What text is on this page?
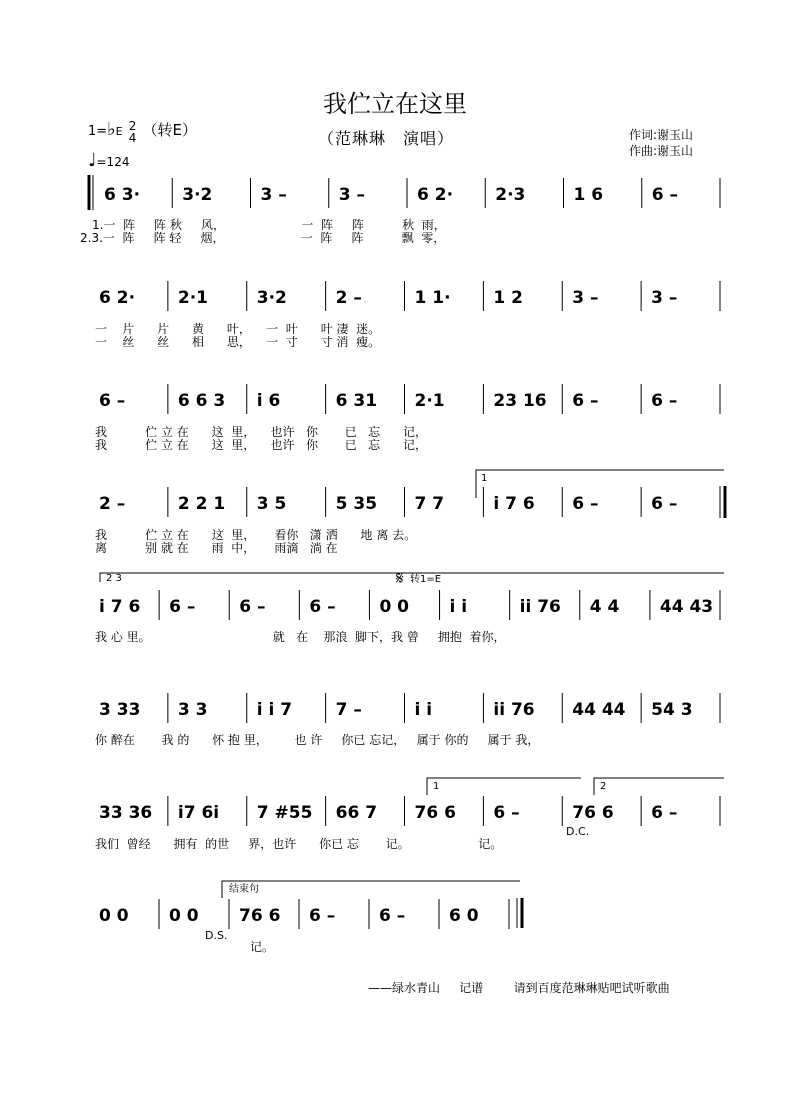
我伫立在这里
（范琳琳　演唱）	作词:谢玉山
作曲:谢玉山
1=♭E 2
4 （转E）
♩=124
6 3· 3·2	3 –	3 –	6 2· 2·3	1 6	6 –
6 2·	2·1	3·2	2 –	1 1·	1 2	3 –	3 –
6 –	6 6 3 i 6	6 31 2·1	23 16 6 –	6 –
2 –	2 2 1 3 5	5 35 7 7	i 7 6 6 –	6 –
i 7 6 6 –	6 –	6 –	0 0 i i	ii 76 4 4 44 43
3 33 3 3	i i 7	7 –	i i	ii 76 44 44 54 3
33 36 i7 6i 7 #55 66 7 76 6 6 –	76 6 6 –
0 0 0 0 76 6 6 –	6 –	6 0
1
2 3	𝄋 转1=E
1	2
D.C.
结束句
D.S.
1.一  阵     阵 秋     风，                    一  阵     阵          秋  雨，
2.3.一  阵     阵 轻     烟，                    一  阵     阵          飘  零，
一    片      片      黄      叶，    一  叶      叶 凄  迷。
一    丝      丝      相      思，    一  寸      寸 消  瘦。
我          伫 立 在      这  里，    也许   你       已   忘      记，
我          伫 立 在      这  里，    也许   你       已   忘      记，
我          伫 立 在      这  里，     看你   潇 洒      地 离 去。
离          别 就 在      雨  中，     雨滴   淌 在
我 心 里。                                就   在    那浪  脚下，我 曾     拥抱  着你，
你 醉在       我 的      怀 抱 里，       也 许     你已 忘记，   属于 你的     属于 我，
我们  曾经      拥有  的世     界，也许      你已 忘       记。                  记。
记。
——绿水青山 记谱	请到百度范琳琳贴吧试听歌曲
